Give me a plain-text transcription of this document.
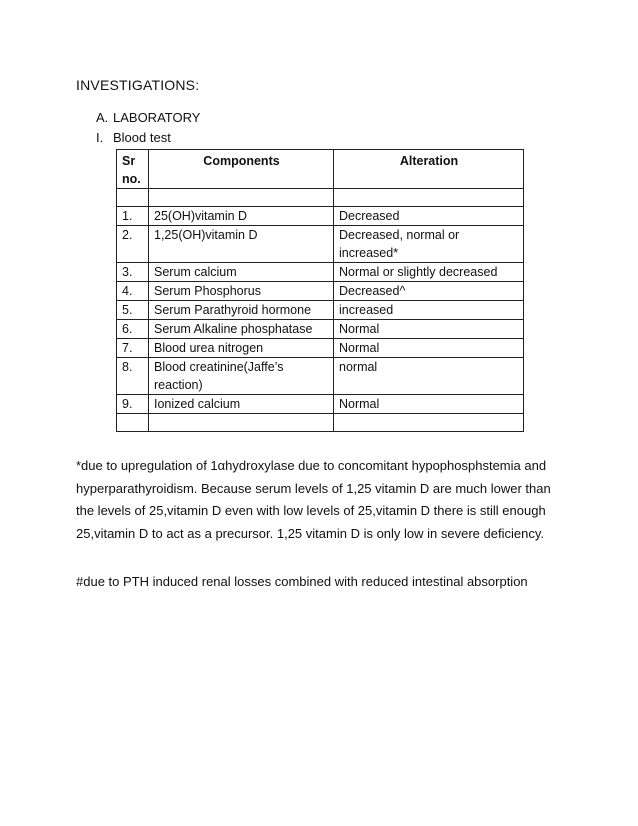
INVESTIGATIONS:
A. LABORATORY
I. Blood test
Sr no.	Components	Alteration

1.	25(OH)vitamin D	Decreased
2.	1,25(OH)vitamin D	Decreased, normal or increased*
3.	Serum calcium	Normal or slightly decreased
4.	Serum Phosphorus	Decreased^
5.	Serum Parathyroid hormone	increased
6.	Serum Alkaline phosphatase	Normal
7.	Blood urea nitrogen	Normal
8.	Blood creatinine(Jaffe’s reaction)	normal
9.	Ionized calcium	Normal

*due to upregulation of 1αhydroxylase due to concomitant hypophosphstemia and hyperparathyroidism. Because serum levels of 1,25 vitamin D are much lower than the levels of 25,vitamin D even with low levels of 25,vitamin D there is still enough 25,vitamin D to act as a precursor. 1,25 vitamin D is only low in severe deficiency.
#due to PTH induced renal losses combined with reduced intestinal absorption
